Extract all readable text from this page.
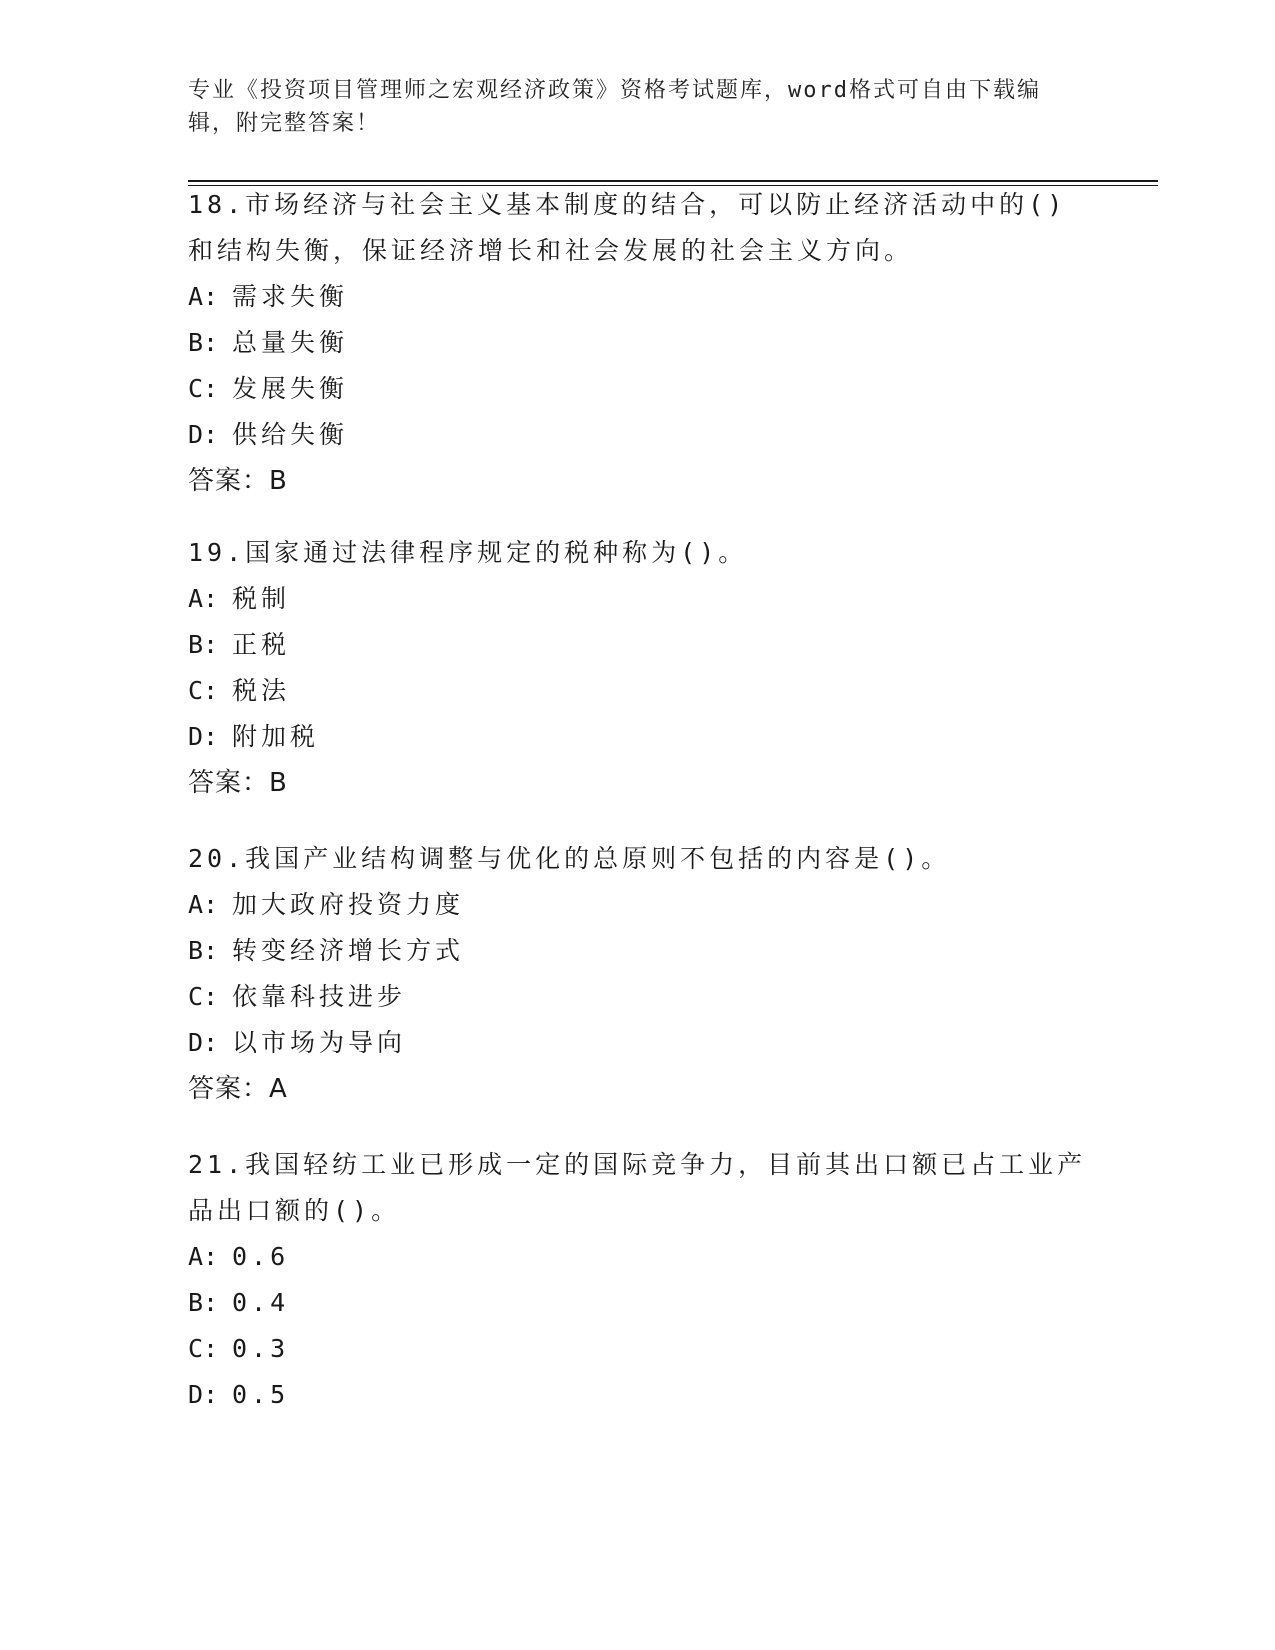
专业《投资项目管理师之宏观经济政策》资格考试题库，word格式可自由下载编辑，附完整答案！

18.市场经济与社会主义基本制度的结合，可以防止经济活动中的()和结构失衡，保证经济增长和社会发展的社会主义方向。

A: 需求失衡
B: 总量失衡
C: 发展失衡
D: 供给失衡

答案：B

19.国家通过法律程序规定的税种称为()。

A: 税制
B: 正税
C: 税法
D: 附加税

答案：B

20.我国产业结构调整与优化的总原则不包括的内容是()。

A: 加大政府投资力度
B: 转变经济增长方式
C: 依靠科技进步
D: 以市场为导向

答案：A

21.我国轻纺工业已形成一定的国际竞争力，目前其出口额已占工业产品出口额的()。

A: 0.6
B: 0.4
C: 0.3
D: 0.5
